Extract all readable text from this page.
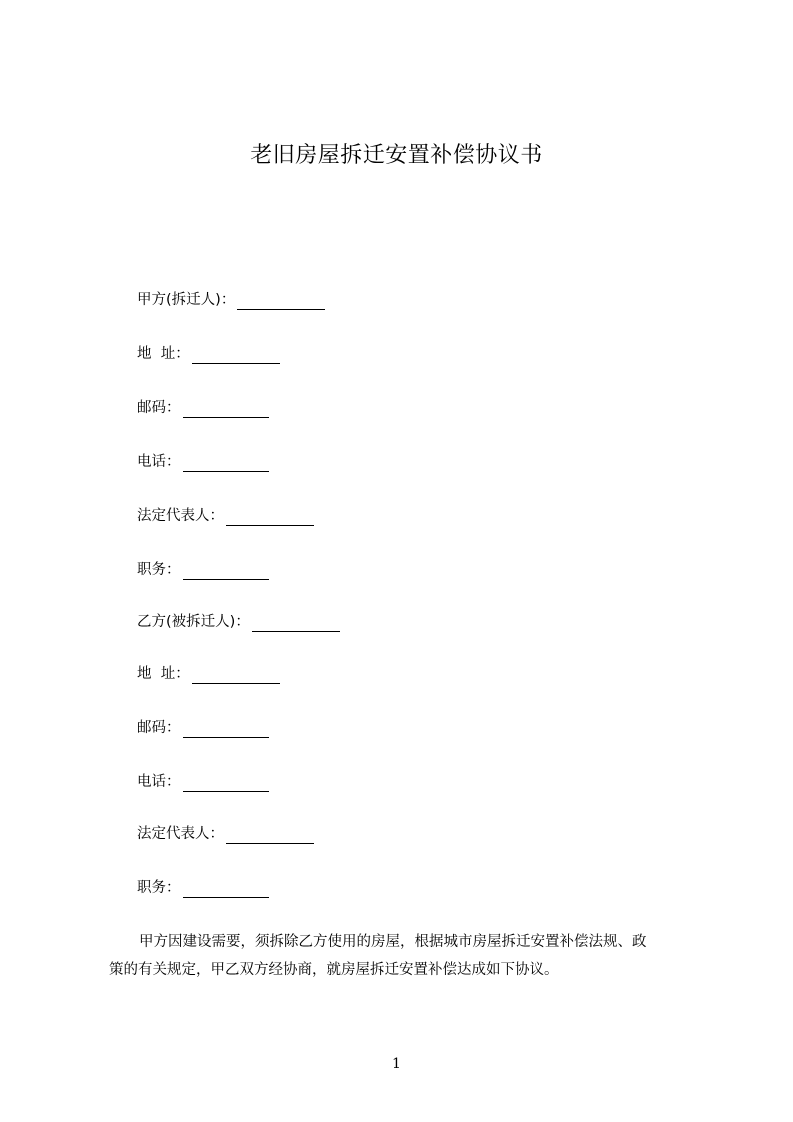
老旧房屋拆迁安置补偿协议书
甲方(拆迁人)：
地  址：
邮码：
电话：
法定代表人：
职务：
乙方(被拆迁人)：
地  址：
邮码：
电话：
法定代表人：
职务：
甲方因建设需要，须拆除乙方使用的房屋，根据城市房屋拆迁安置补偿法规、政
策的有关规定，甲乙双方经协商，就房屋拆迁安置补偿达成如下协议。
1
